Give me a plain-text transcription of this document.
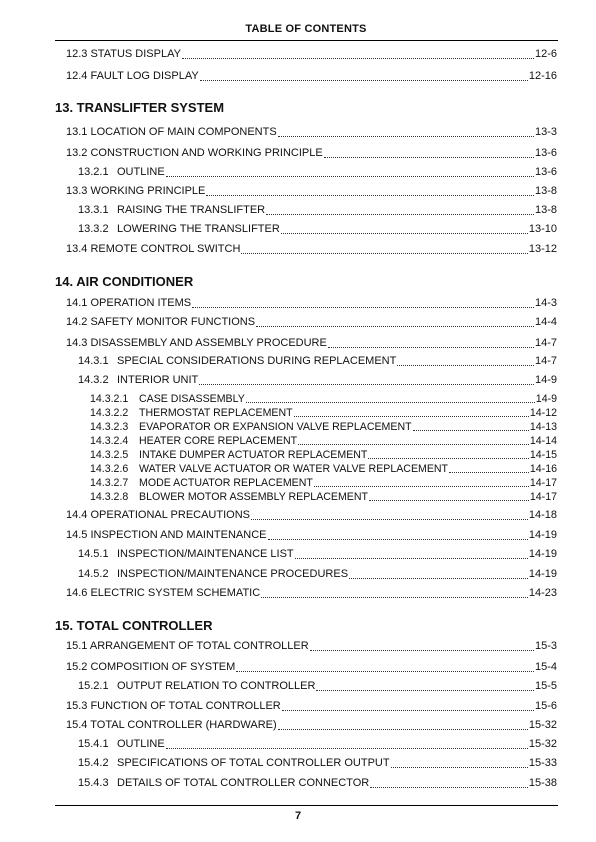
TABLE OF CONTENTS
12.3 STATUS DISPLAY	12-6
12.4 FAULT LOG DISPLAY	12-16
13. TRANSLIFTER SYSTEM
13.1 LOCATION OF MAIN COMPONENTS	13-3
13.2 CONSTRUCTION AND WORKING PRINCIPLE	13-6
13.2.1 OUTLINE	13-6
13.3 WORKING PRINCIPLE	13-8
13.3.1 RAISING THE TRANSLIFTER	13-8
13.3.2 LOWERING THE TRANSLIFTER	13-10
13.4 REMOTE CONTROL SWITCH	13-12
14. AIR CONDITIONER
14.1 OPERATION ITEMS	14-3
14.2 SAFETY MONITOR FUNCTIONS	14-4
14.3 DISASSEMBLY AND ASSEMBLY PROCEDURE	14-7
14.3.1 SPECIAL CONSIDERATIONS DURING REPLACEMENT	14-7
14.3.2 INTERIOR UNIT	14-9
14.3.2.1	CASE DISASSEMBLY	14-9
14.3.2.2	THERMOSTAT REPLACEMENT	14-12
14.3.2.3	EVAPORATOR OR EXPANSION VALVE REPLACEMENT	14-13
14.3.2.4	HEATER CORE REPLACEMENT	14-14
14.3.2.5	INTAKE DUMPER ACTUATOR REPLACEMENT	14-15
14.3.2.6	WATER VALVE ACTUATOR OR WATER VALVE REPLACEMENT	14-16
14.3.2.7	MODE ACTUATOR REPLACEMENT	14-17
14.3.2.8	BLOWER MOTOR ASSEMBLY REPLACEMENT	14-17
14.4 OPERATIONAL PRECAUTIONS	14-18
14.5 INSPECTION AND MAINTENANCE	14-19
14.5.1 INSPECTION/MAINTENANCE LIST	14-19
14.5.2 INSPECTION/MAINTENANCE PROCEDURES	14-19
14.6 ELECTRIC SYSTEM SCHEMATIC	14-23
15. TOTAL CONTROLLER
15.1 ARRANGEMENT OF TOTAL CONTROLLER	15-3
15.2 COMPOSITION OF SYSTEM	15-4
15.2.1 OUTPUT RELATION TO CONTROLLER	15-5
15.3 FUNCTION OF TOTAL CONTROLLER	15-6
15.4 TOTAL CONTROLLER (HARDWARE)	15-32
15.4.1 OUTLINE	15-32
15.4.2 SPECIFICATIONS OF TOTAL CONTROLLER OUTPUT	15-33
15.4.3 DETAILS OF TOTAL CONTROLLER CONNECTOR	15-38
7
